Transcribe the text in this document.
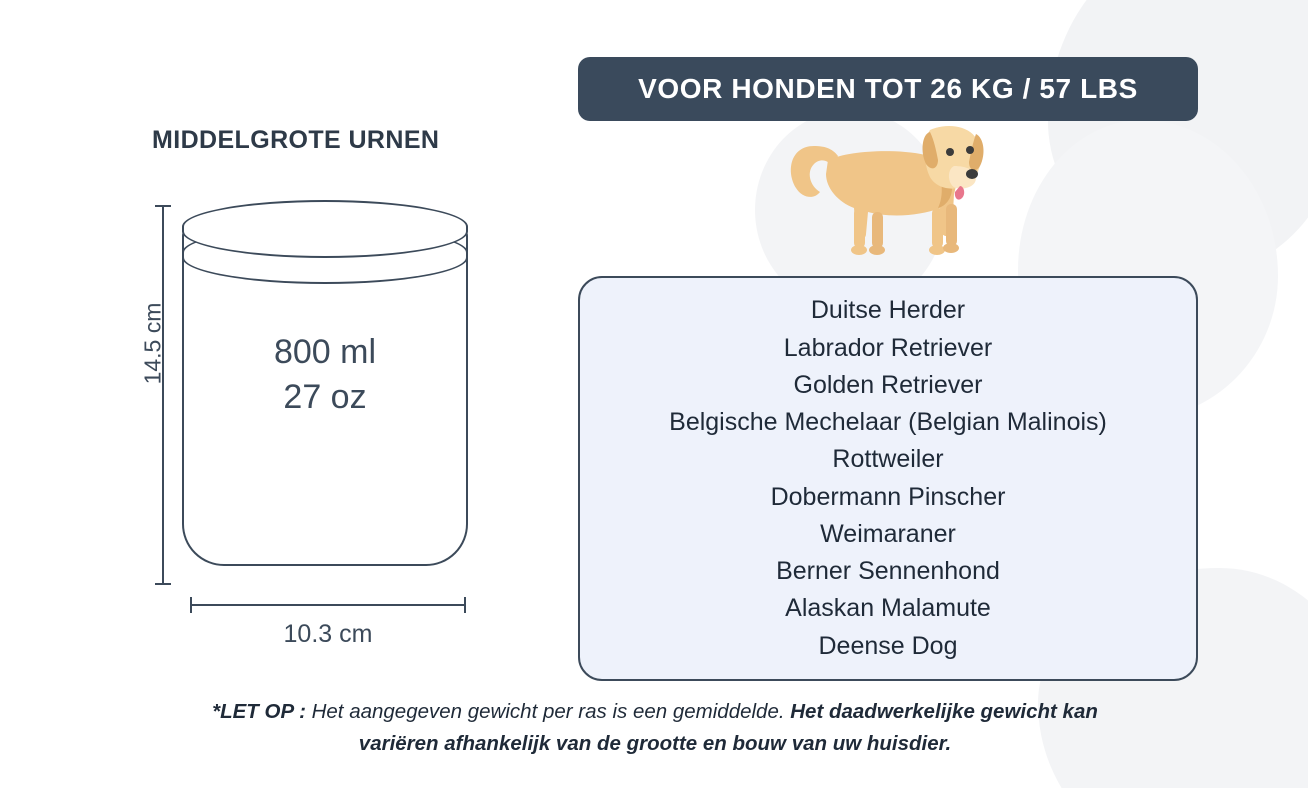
MIDDELGROTE URNEN
14.5 cm	800 ml
27 oz
10.3 cm
VOOR HONDEN TOT 26 KG / 57 LBS
Duitse Herder
Labrador Retriever
Golden Retriever
Belgische Mechelaar (Belgian Malinois)
Rottweiler
Dobermann Pinscher
Weimaraner
Berner Sennenhond
Alaskan Malamute
Deense Dog
*LET OP : Het aangegeven gewicht per ras is een gemiddelde. Het daadwerkelijke gewicht kan variëren afhankelijk van de grootte en bouw van uw huisdier.
